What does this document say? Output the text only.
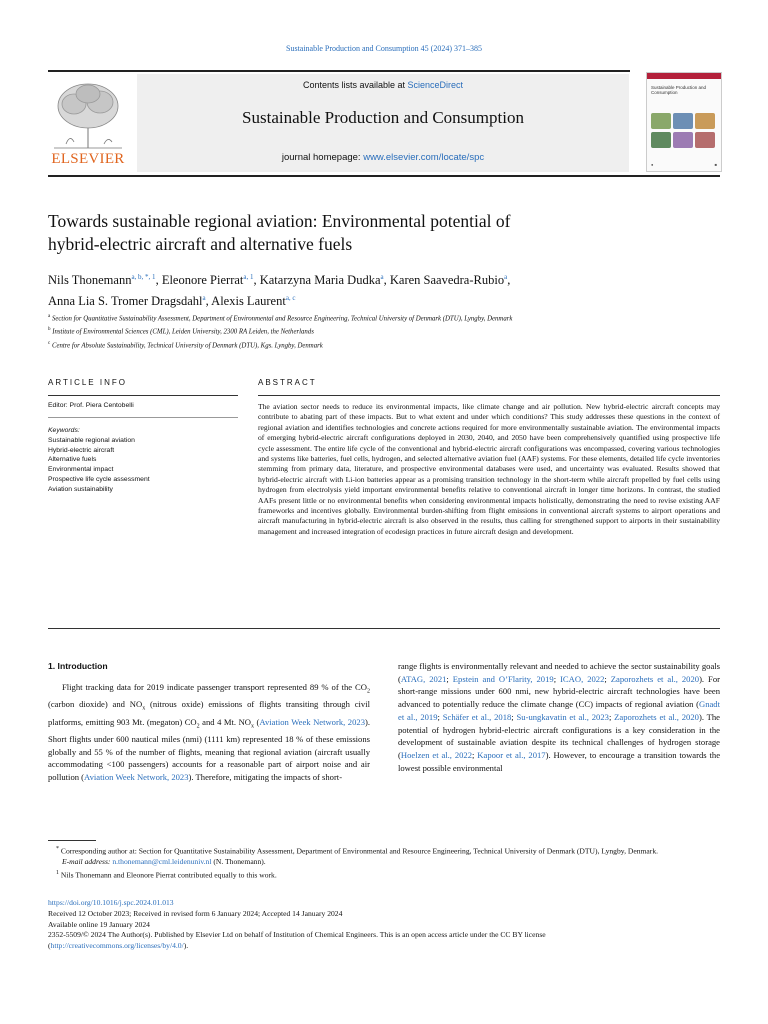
Sustainable Production and Consumption 45 (2024) 371–385
ELSEVIER
Contents lists available at ScienceDirect
Sustainable Production and Consumption
journal homepage: www.elsevier.com/locate/spc
Sustainable Production and Consumption
●	■
Towards sustainable regional aviation: Environmental potential of
hybrid-electric aircraft and alternative fuels
Nils Thonemann$^{a, b, *, 1}$, Eleonore Pierrat$^{a, 1}$, Katarzyna Maria Dudka$^a$, Karen Saavedra-Rubio$^a$,
Anna Lia S. Tromer Dragsdahl$^a$, Alexis Laurent$^{a, c}$
$^a$ Section for Quantitative Sustainability Assessment, Department of Environmental and Resource Engineering, Technical University of Denmark (DTU), Lyngby, Denmark
$^b$ Institute of Environmental Sciences (CML), Leiden University, 2300 RA Leiden, the Netherlands
$^c$ Centre for Absolute Sustainability, Technical University of Denmark (DTU), Kgs. Lyngby, Denmark
ARTICLE INFO	ABSTRACT
Editor: Prof. Piera Centobelli
Keywords:
Sustainable regional aviation
Hybrid-electric aircraft
Alternative fuels
Environmental impact
Prospective life cycle assessment
Aviation sustainability
The aviation sector needs to reduce its environmental impacts, like climate change and air pollution. New hybrid-electric aircraft concepts may contribute to abating part of these impacts. But to what extent and under which conditions? This study addresses these questions in the context of regional aviation and identifies technologies and concrete actions required for more environmentally sustainable aviation. The environmental impacts of emerging hybrid-electric aircraft configurations deployed in 2030, 2040, and 2050 have been comprehensively quantified using prospective life cycle assessment. The entire life cycle of the conventional and hybrid-electric aircraft configurations was encompassed, covering various technologies and systems like batteries, fuel cells, hydrogen, and selected alternative aviation fuel (AAF) systems. For these elements, detailed life cycle inventories stemming from primary data, literature, and prospective environmental databases were used, and uncertainty was evaluated. Results showed that hybrid-electric aircraft with Li-ion batteries appear as a promising transition technology in the short-term while aircraft propelled by fuel cells using hydrogen from electrolysis yield important environmental benefits relative to conventional aircraft in longer time horizons. In contrast, the studied AAFs present little or no environmental benefits when considering environmental impacts holistically, demonstrating the need to revise existing AAF frameworks and incentives globally. Environmental burden-shifting from flight emissions in conventional aircraft systems to airport operations and aircraft manufacturing in hybrid-electric aircraft is also observed in the results, thus calling for strengthened support to airports in their sustainability management and increased integration of ecodesign practices in future aircraft design and development.
1. Introduction
Flight tracking data for 2019 indicate passenger transport represented 89 % of the $CO_2$ (carbon dioxide) and $NO_x$ (nitrous oxide) emissions of flights transiting through civil platforms, emitting 903 Mt. (megaton) $CO_2$ and 4 Mt. $NO_x$ (Aviation Week Network, 2023). Short flights under 600 nautical miles (nmi) (1111 km) represented 18 % of these emissions globally and 55 % of the number of flights, meaning that regional aviation (aircraft usually accommodating <100 passengers) accounts for a reasonable part of airport noise and air pollution (Aviation Week Network, 2023). Therefore, mitigating the impacts of short-
range flights is environmentally relevant and needed to achieve the sector sustainability goals (ATAG, 2021; Epstein and O’Flarity, 2019; ICAO, 2022; Zaporozhets et al., 2020). For short-range missions under 600 nmi, new hybrid-electric aircraft technologies have been advanced to potentially reduce the climate change (CC) impacts of regional aviation (Gnadt et al., 2019; Schäfer et al., 2018; Su-ungkavatin et al., 2023; Zaporozhets et al., 2020). The potential of hydrogen hybrid-electric aircraft configurations is a key consideration in the development of sustainable aviation despite its technical challenges of hydrogen storage (Hoelzen et al., 2022; Kapoor et al., 2017). However, to encourage a transition towards the lowest possible environmental
* Corresponding author at: Section for Quantitative Sustainability Assessment, Department of Environmental and Resource Engineering, Technical University of Denmark (DTU), Lyngby, Denmark.
E-mail address: n.thonemann@cml.leidenuniv.nl (N. Thonemann).
$^1$ Nils Thonemann and Eleonore Pierrat contributed equally to this work.
https://doi.org/10.1016/j.spc.2024.01.013
Received 12 October 2023; Received in revised form 6 January 2024; Accepted 14 January 2024
Available online 19 January 2024
2352-5509/© 2024 The Author(s). Published by Elsevier Ltd on behalf of Institution of Chemical Engineers. This is an open access article under the CC BY license
(http://creativecommons.org/licenses/by/4.0/).
